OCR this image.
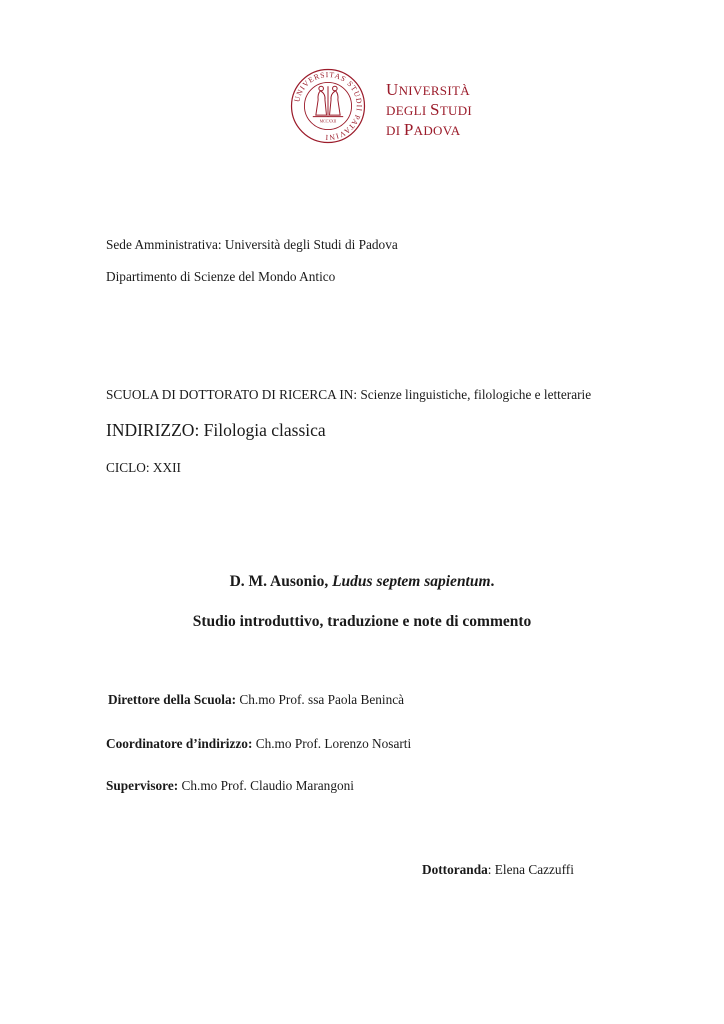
UNIVERSITAS STUDII PATAVINI
MCCXXII
UNIVERSITÀ
DEGLI STUDI
DI PADOVA
Sede Amministrativa: Università degli Studi di Padova
Dipartimento di Scienze del Mondo Antico
SCUOLA DI DOTTORATO DI RICERCA IN: Scienze linguistiche, filologiche e letterarie
INDIRIZZO: Filologia classica
CICLO: XXII
D. M. Ausonio, Ludus septem sapientum.
Studio introduttivo, traduzione e note di commento
Direttore della Scuola: Ch.mo Prof. ssa Paola Benincà
Coordinatore d’indirizzo: Ch.mo Prof. Lorenzo Nosarti
Supervisore: Ch.mo Prof. Claudio Marangoni
Dottoranda: Elena Cazzuffi
